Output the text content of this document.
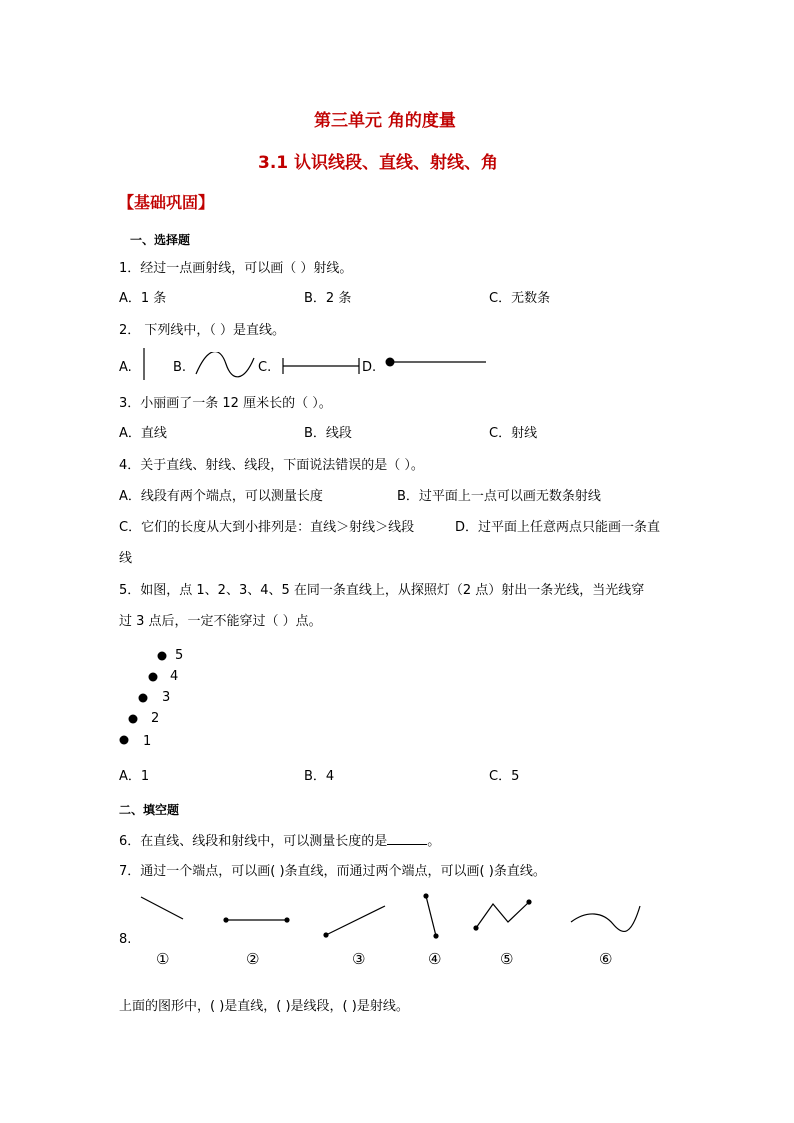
第三单元 角的度量
3.1 认识线段、直线、射线、角
【基础巩固】
一、选择题
1．经过一点画射线，可以画（ ）射线。
A．1 条	B．2 条	C．无数条
2． 下列线中，（ ）是直线。
A.	B.	C.	D.
3．小丽画了一条 12 厘米长的（ ）。
A．直线	B．线段	C．射线
4．关于直线、射线、线段，下面说法错误的是（ ）。
A．线段有两个端点，可以测量长度	B．过平面上一点可以画无数条射线
C．它们的长度从大到小排列是：直线＞射线＞线段	D．过平面上任意两点只能画一条直
线
5．如图，点 1、2、3、4、5 在同一条直线上，从探照灯（2 点）射出一条光线，当光线穿
过 3 点后，一定不能穿过（ ）点。
5
4
3
2
1
A．1	B．4	C．5
二、填空题
6．在直线、线段和射线中，可以测量长度的是	。
7．通过一个端点，可以画( )条直线，而通过两个端点，可以画( )条直线。
8.
①	②	③	④	⑤	⑥
上面的图形中，( )是直线，( )是线段，( )是射线。
